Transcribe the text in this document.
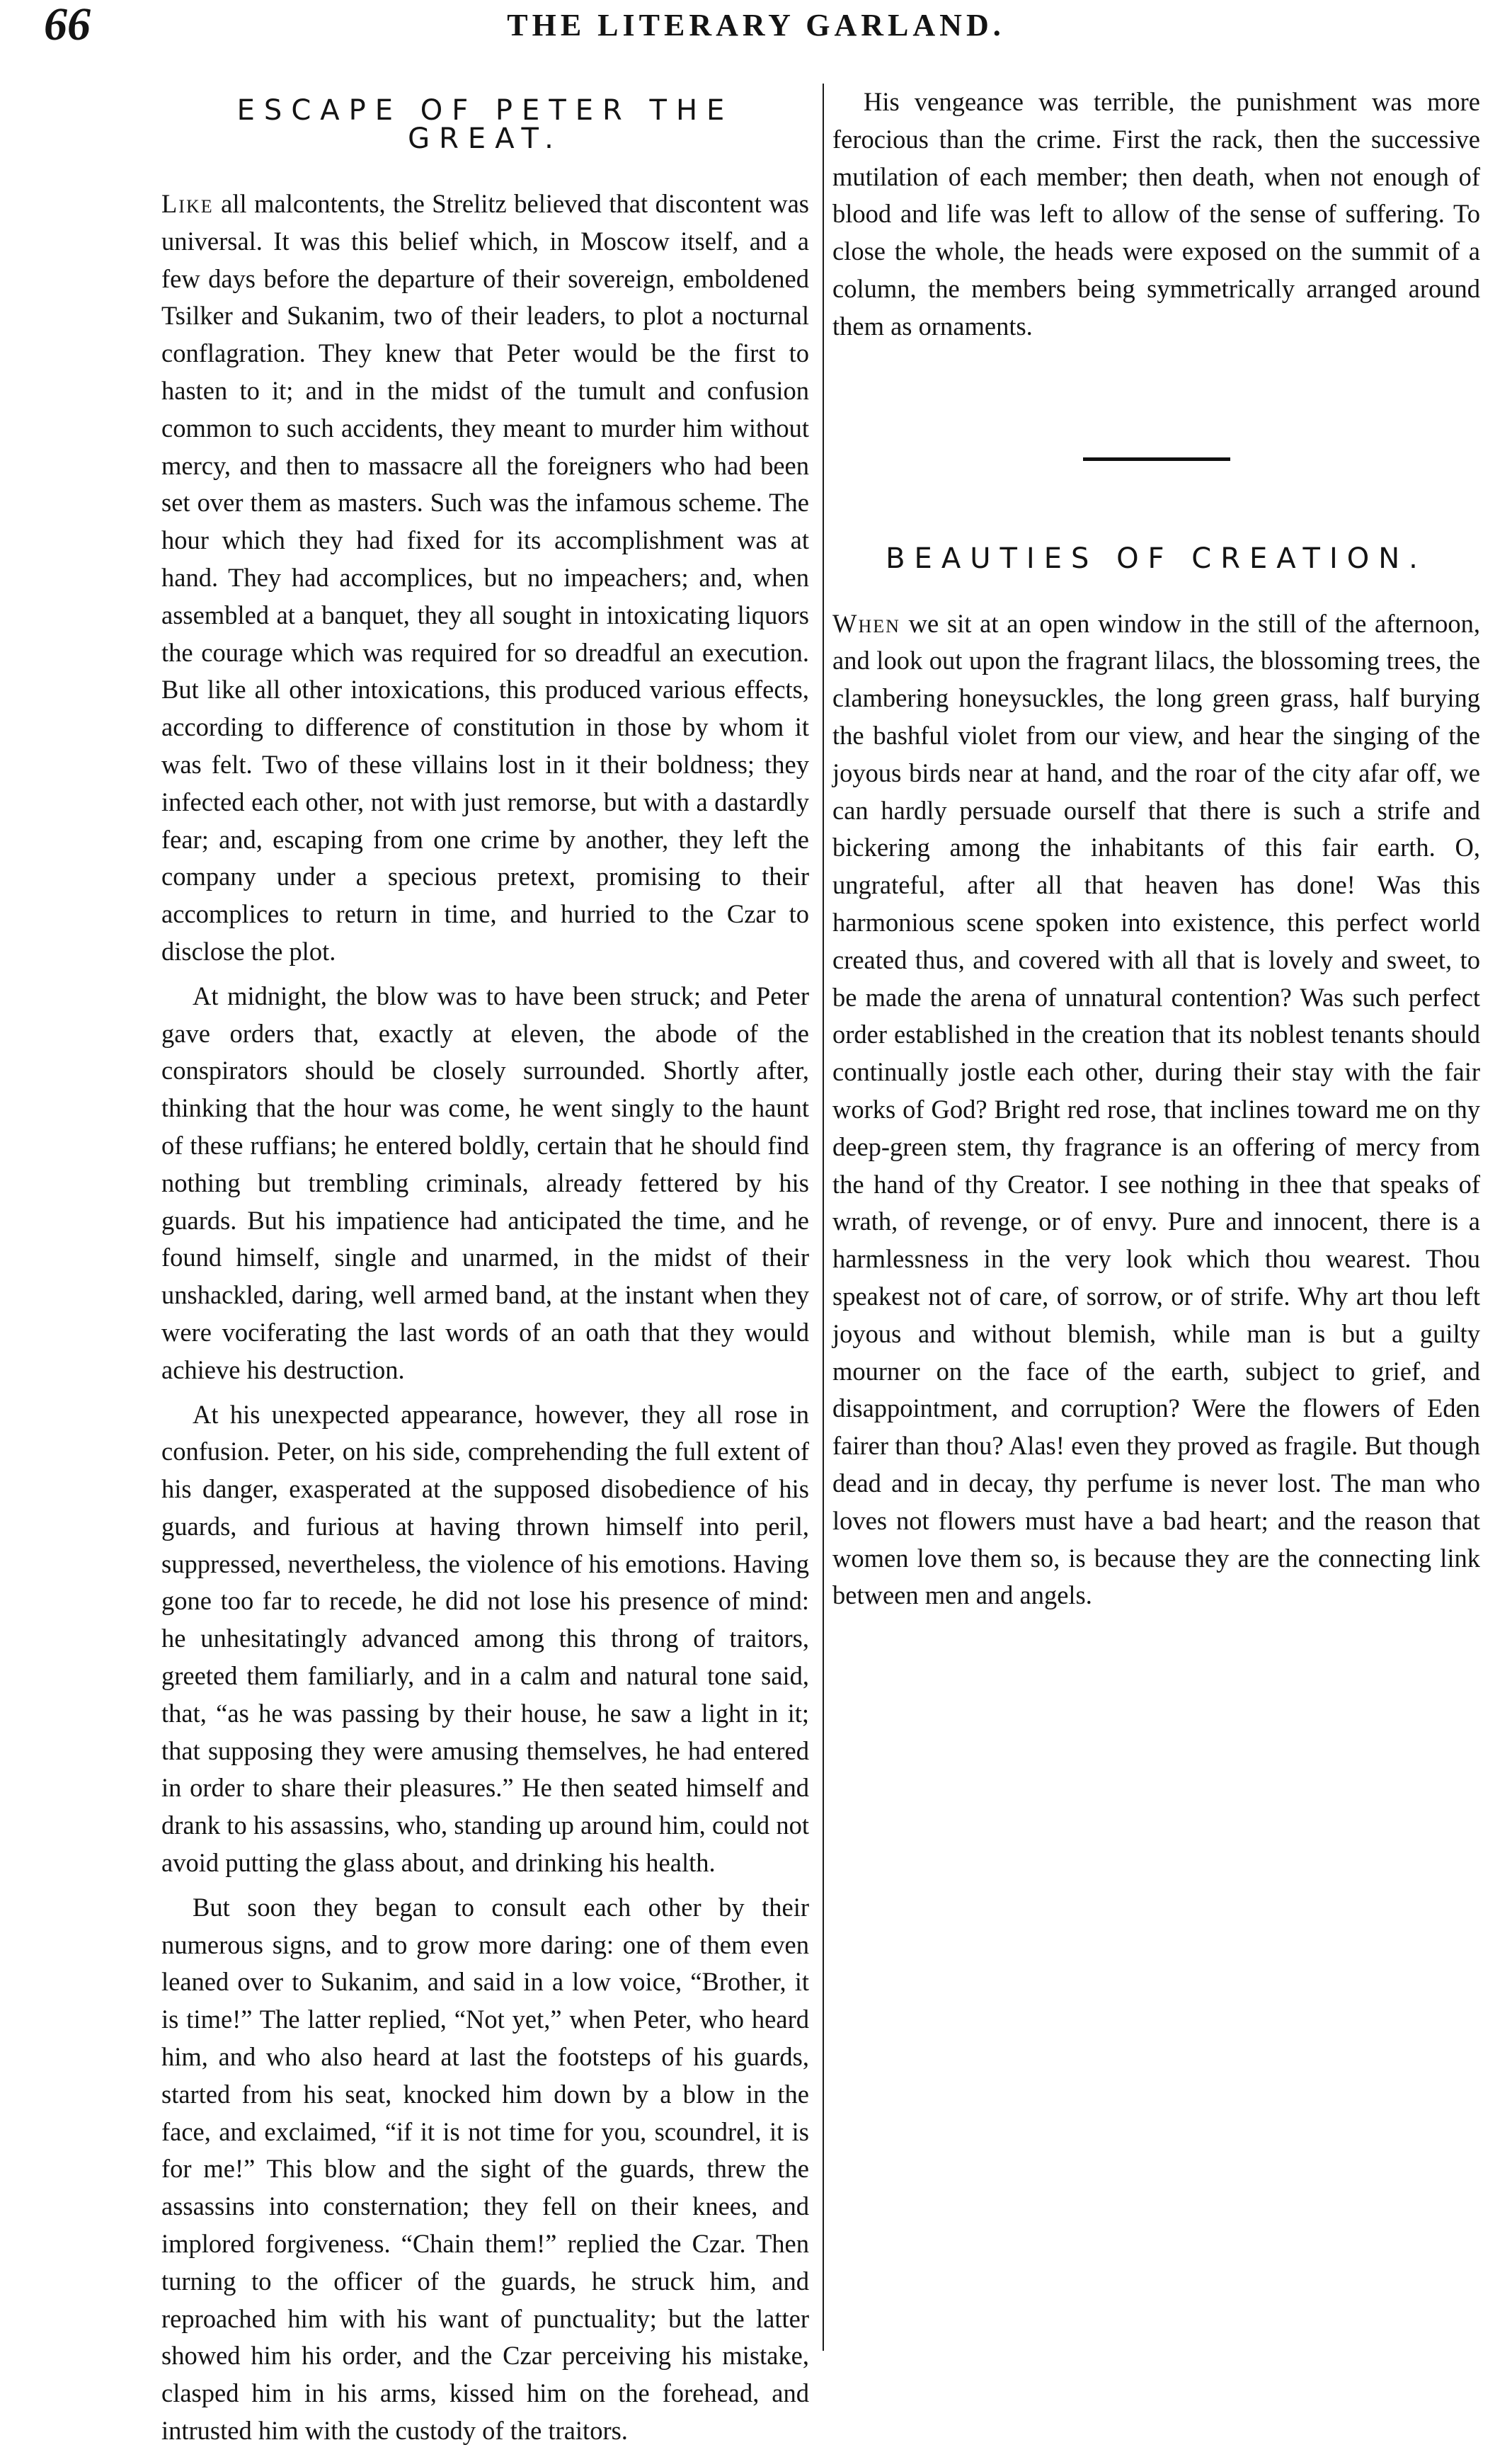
66	THE LITERARY GARLAND.
ESCAPE OF PETER THE GREAT.

Like all malcontents, the Strelitz believed that discontent was universal. It was this belief which, in Moscow itself, and a few days before the departure of their sovereign, emboldened Tsilker and Sukanim, two of their leaders, to plot a nocturnal conflagration. They knew that Peter would be the first to hasten to it; and in the midst of the tumult and confusion common to such accidents, they meant to murder him without mercy, and then to massacre all the foreigners who had been set over them as masters. Such was the infamous scheme. The hour which they had fixed for its accomplishment was at hand. They had accomplices, but no impeachers; and, when assembled at a banquet, they all sought in intoxicating liquors the courage which was required for so dreadful an execution. But like all other intoxications, this produced various effects, according to difference of constitution in those by whom it was felt. Two of these villains lost in it their boldness; they infected each other, not with just remorse, but with a dastardly fear; and, escaping from one crime by another, they left the company under a specious pretext, promising to their accomplices to return in time, and hurried to the Czar to disclose the plot.

At midnight, the blow was to have been struck; and Peter gave orders that, exactly at eleven, the abode of the conspirators should be closely surrounded. Shortly after, thinking that the hour was come, he went singly to the haunt of these ruffians; he entered boldly, certain that he should find nothing but trembling criminals, already fettered by his guards. But his impatience had anticipated the time, and he found himself, single and unarmed, in the midst of their unshackled, daring, well armed band, at the instant when they were vociferating the last words of an oath that they would achieve his destruction.

At his unexpected appearance, however, they all rose in confusion. Peter, on his side, comprehending the full extent of his danger, exasperated at the supposed disobedience of his guards, and furious at having thrown himself into peril, suppressed, nevertheless, the violence of his emotions. Having gone too far to recede, he did not lose his presence of mind: he unhesitatingly advanced among this throng of traitors, greeted them familiarly, and in a calm and natural tone said, that, “as he was passing by their house, he saw a light in it; that supposing they were amusing themselves, he had entered in order to share their pleasures.” He then seated himself and drank to his assassins, who, standing up around him, could not avoid putting the glass about, and drinking his health.

But soon they began to consult each other by their numerous signs, and to grow more daring: one of them even leaned over to Sukanim, and said in a low voice, “Brother, it is time!” The latter replied, “Not yet,” when Peter, who heard him, and who also heard at last the footsteps of his guards, started from his seat, knocked him down by a blow in the face, and exclaimed, “if it is not time for you, scoundrel, it is for me!” This blow and the sight of the guards, threw the assassins into consternation; they fell on their knees, and implored forgiveness. “Chain them!” replied the Czar. Then turning to the officer of the guards, he struck him, and reproached him with his want of punctuality; but the latter showed him his order, and the Czar perceiving his mistake, clasped him in his arms, kissed him on the forehead, and intrusted him with the custody of the traitors.

His vengeance was terrible, the punishment was more ferocious than the crime. First the rack, then the successive mutilation of each member; then death, when not enough of blood and life was left to allow of the sense of suffering. To close the whole, the heads were exposed on the summit of a column, the members being symmetrically arranged around them as ornaments.

BEAUTIES OF CREATION.

When we sit at an open window in the still of the afternoon, and look out upon the fragrant lilacs, the blossoming trees, the clambering honeysuckles, the long green grass, half burying the bashful violet from our view, and hear the singing of the joyous birds near at hand, and the roar of the city afar off, we can hardly persuade ourself that there is such a strife and bickering among the inhabitants of this fair earth. O, ungrateful, after all that heaven has done! Was this harmonious scene spoken into existence, this perfect world created thus, and covered with all that is lovely and sweet, to be made the arena of unnatural contention? Was such perfect order established in the creation that its noblest tenants should continually jostle each other, during their stay with the fair works of God? Bright red rose, that inclines toward me on thy deep-green stem, thy fragrance is an offering of mercy from the hand of thy Creator. I see nothing in thee that speaks of wrath, of revenge, or of envy. Pure and innocent, there is a harmlessness in the very look which thou wearest. Thou speakest not of care, of sorrow, or of strife. Why art thou left joyous and without blemish, while man is but a guilty mourner on the face of the earth, subject to grief, and disappointment, and corruption? Were the flowers of Eden fairer than thou? Alas! even they proved as fragile. But though dead and in decay, thy perfume is never lost. The man who loves not flowers must have a bad heart; and the reason that women love them so, is because they are the connecting link between men and angels.
